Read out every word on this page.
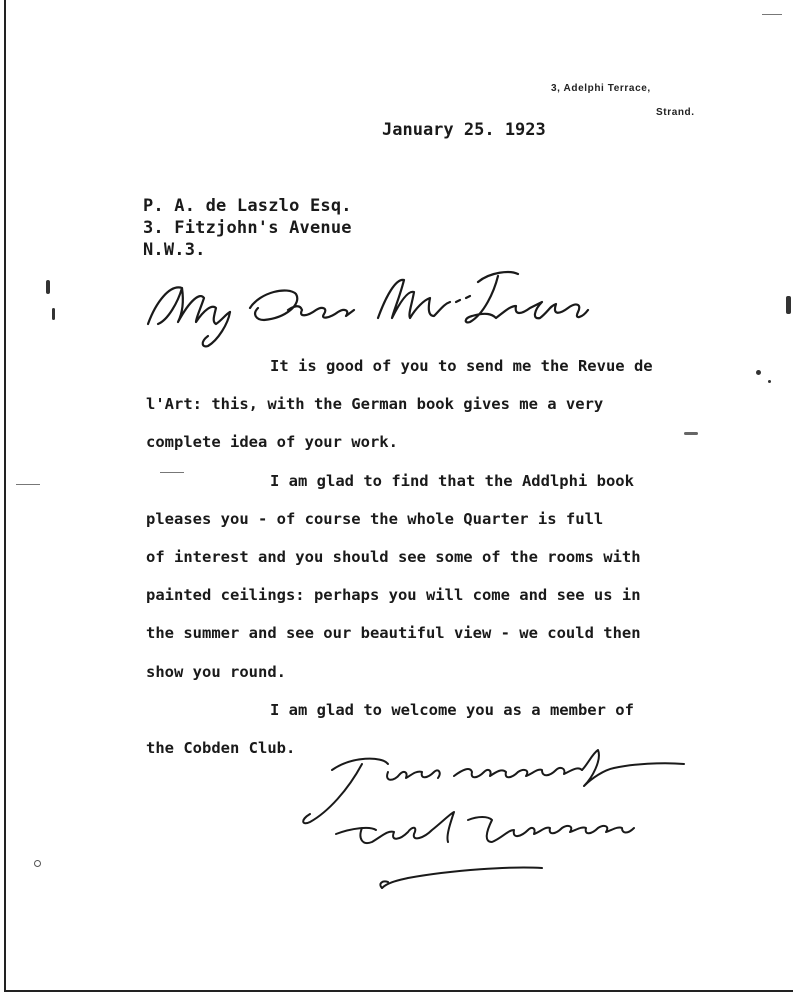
3, Adelphi Terrace,
Strand.
January 25. 1923
P. A. de Laszlo Esq.
3. Fitzjohn's Avenue
N.W.3.

It is good of you to send me the Revue de
l'Art: this, with the German book gives me a very
complete idea of your work.

I am glad to find that the Addlphi book
pleases you - of course the whole Quarter is full
of interest and you should see some of the rooms with
painted ceilings: perhaps you will come and see us in
the summer and see our beautiful view - we could then
show you round.

I am glad to welcome you as a member of
the Cobden Club.
